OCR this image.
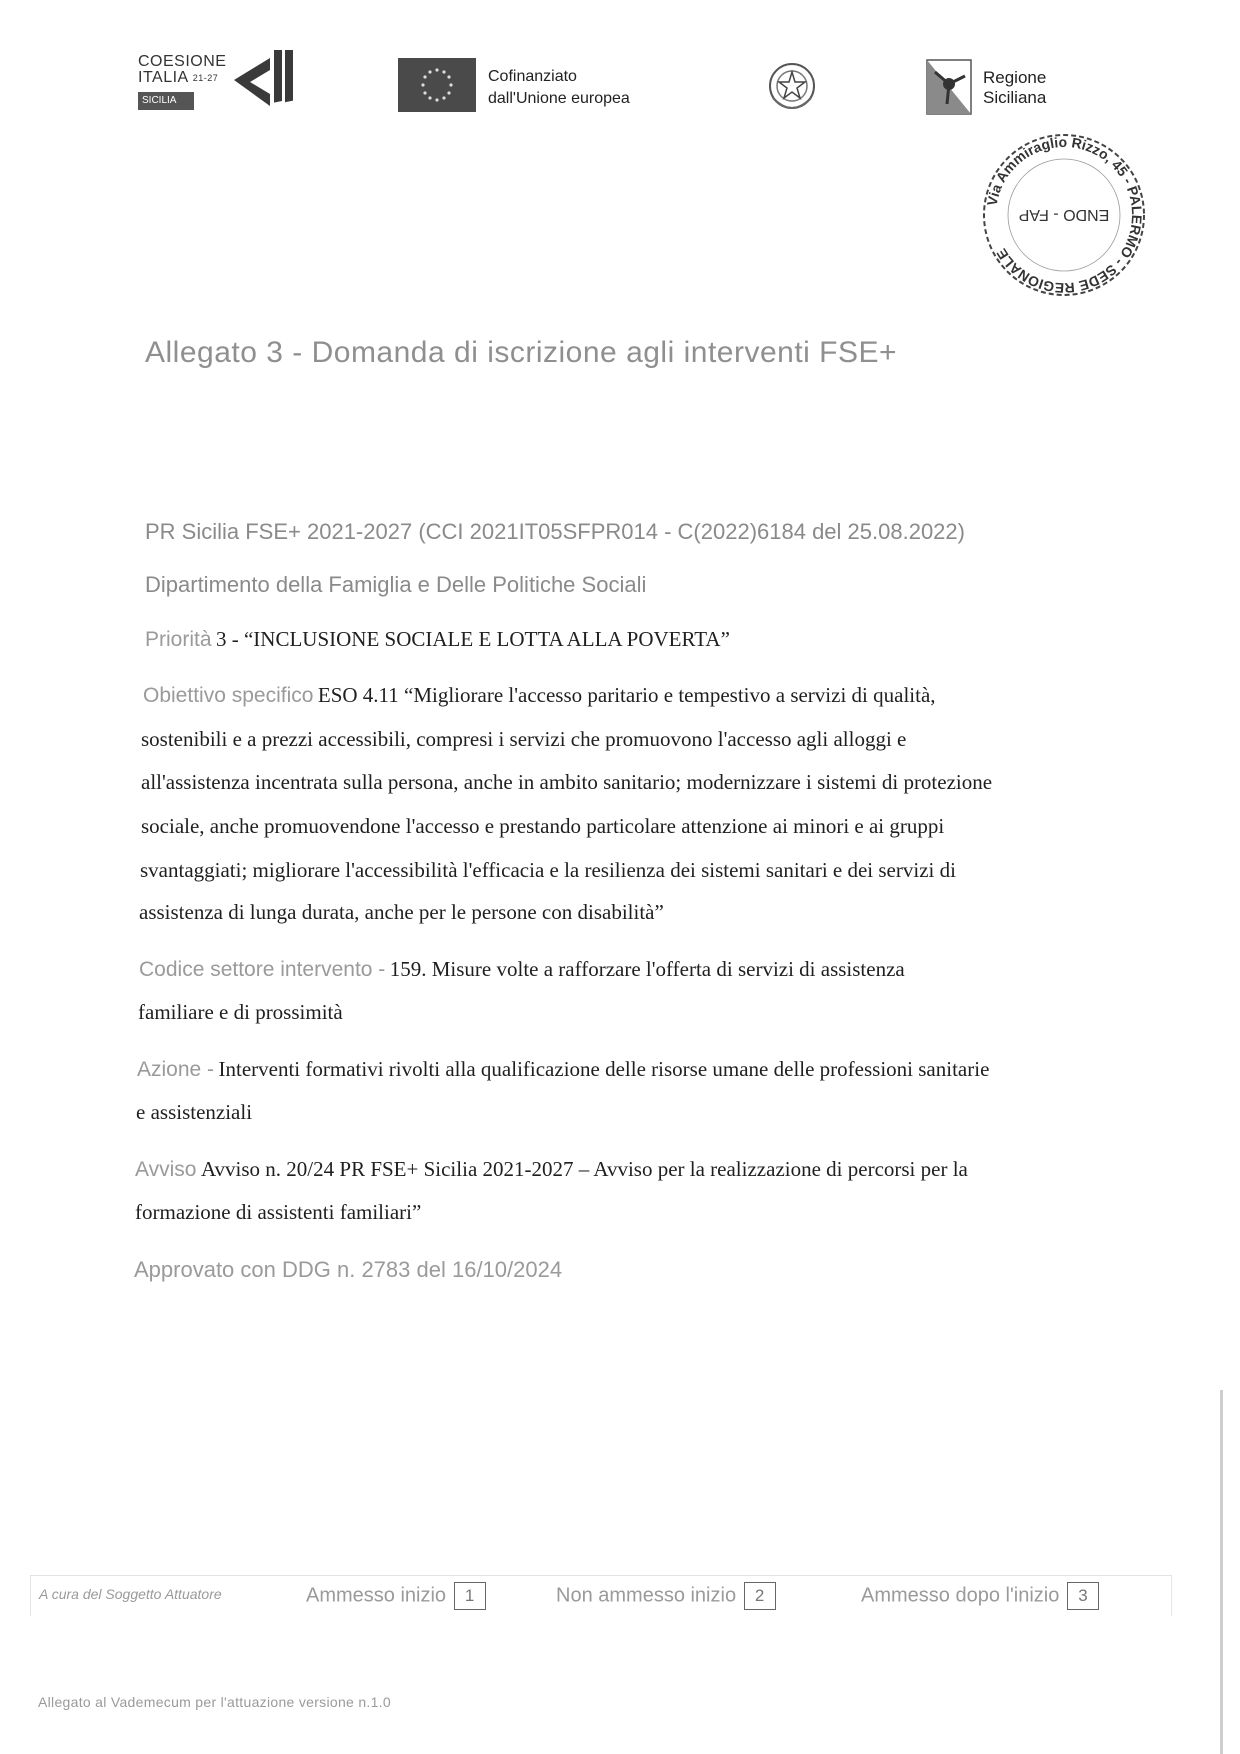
COESIONE
ITALIA $^{21-27}$
SICILIA
Cofinanziato
dall'Unione europea
Regione
Siciliana
Via Ammiraglio Rizzo, 45 - PALERMO - SEDE REGIONALE
ENDO - FAP
Allegato 3 - Domanda di iscrizione agli interventi FSE+
PR Sicilia FSE+ 2021-2027 (CCI 2021IT05SFPR014 - C(2022)6184 del 25.08.2022)
Dipartimento della Famiglia e Delle Politiche Sociali
Priorità 3 - “INCLUSIONE SOCIALE E LOTTA ALLA POVERTA”
Obiettivo specifico ESO 4.11 “Migliorare l'accesso paritario e tempestivo a servizi di qualità,
sostenibili e a prezzi accessibili, compresi i servizi che promuovono l'accesso agli alloggi e
all'assistenza incentrata sulla persona, anche in ambito sanitario; modernizzare i sistemi di protezione
sociale, anche promuovendone l'accesso e prestando particolare attenzione ai minori e ai gruppi
svantaggiati; migliorare l'accessibilità l'efficacia e la resilienza dei sistemi sanitari e dei servizi di
assistenza di lunga durata, anche per le persone con disabilità”
Codice settore intervento - 159. Misure volte a rafforzare l'offerta di servizi di assistenza
familiare e di prossimità
Azione - Interventi formativi rivolti alla qualificazione delle risorse umane delle professioni sanitarie
e assistenziali
Avviso Avviso n. 20/24 PR FSE+ Sicilia 2021-2027 – Avviso per la realizzazione di percorsi per la
formazione di assistenti familiari”
Approvato con DDG n. 2783 del 16/10/2024
A cura del Soggetto Attuatore	Ammesso inizio 1	Non ammesso inizio 2	Ammesso dopo l'inizio 3
Allegato al Vademecum per l'attuazione versione n.1.0
